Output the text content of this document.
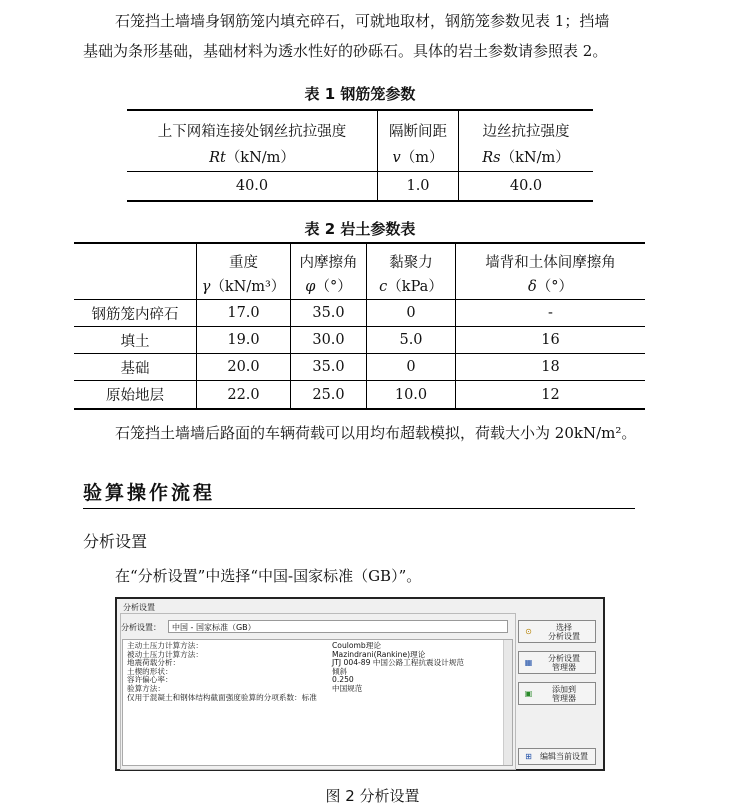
石笼挡土墙墙身钢筋笼内填充碎石，可就地取材，钢筋笼参数见表 1；挡墙
基础为条形基础，基础材料为透水性好的砂砾石。具体的岩土参数请参照表 2。
表 1 钢筋笼参数
上下网箱连接处钢丝抗拉强度	隔断间距	边丝抗拉强度
Rt（kN/m）	v（m）	Rs（kN/m）
40.0	1.0	40.0
表 2 岩土参数表
	重度	内摩擦角	黏聚力	墙背和土体间摩擦角
	γ（kN/m³）	φ（°）	c（kPa）	δ（°）
钢筋笼内碎石	17.0	35.0	0	-
填土	19.0	30.0	5.0	16
基础	20.0	35.0	0	18
原始地层	22.0	25.0	10.0	12
石笼挡土墙墙后路面的车辆荷载可以用均布超载模拟，荷载大小为 20kN/m²。
验算操作流程
分析设置
在“分析设置”中选择“中国-国家标准（GB）”。
分析设置
分析设置：	中国 - 国家标准（GB）
主动土压力计算方法：	Coulomb理论
被动土压力计算方法：	Mazindrani(Rankine)理论
地震荷载分析：	JTJ 004-89 中国公路工程抗震设计规范
土楔的形状：	倾斜
容许偏心率：	0.250
验算方法：	中国规范
仅用于混凝土和钢体结构截面强度验算的分项系数：标准
⊙	选择
分析设置
▦	分析设置
管理器
▣	添加到
管理器
⊞	编辑当前设置
图 2 分析设置
